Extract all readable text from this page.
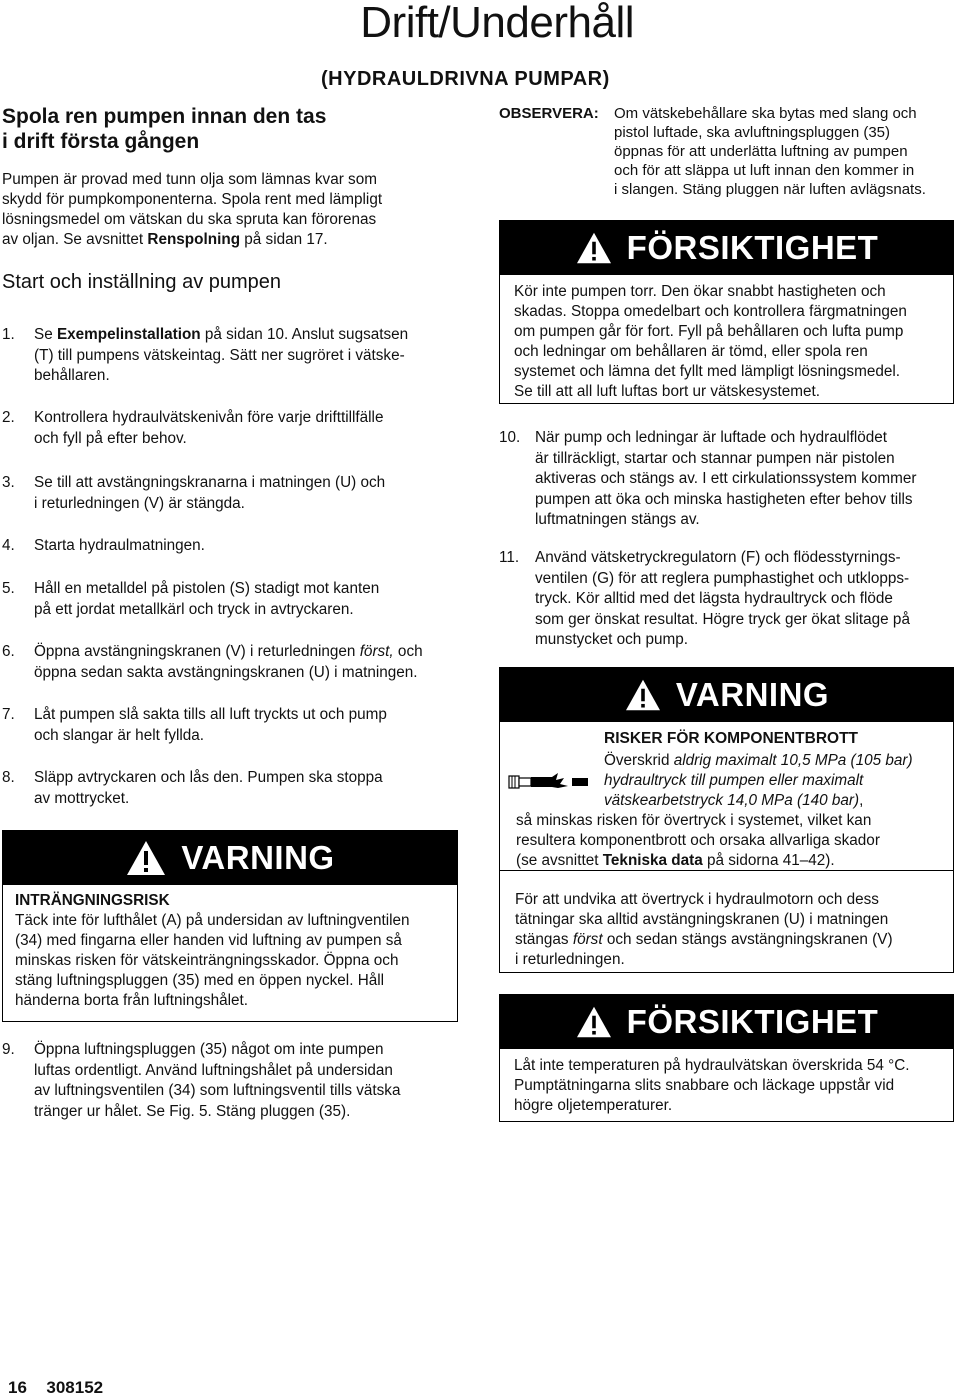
Drift/Underhåll
(HYDRAULDRIVNA PUMPAR)
Spola ren pumpen innan den tas
i drift första gången
Pumpen är provad med tunn olja som lämnas kvar som
skydd för pumpkomponenterna. Spola rent med lämpligt
lösningsmedel om vätskan du ska spruta kan förorenas
av oljan. Se avsnittet Renspolning på sidan 17.
Start och inställning av pumpen
1. Se Exempelinstallation på sidan 10. Anslut sugsatsen
(T) till pumpens vätskeintag. Sätt ner sugröret i vätske-
behållaren.
2. Kontrollera hydraulvätskenivån före varje drifttillfälle
och fyll på efter behov.
3. Se till att avstängningskranarna i matningen (U) och
i returledningen (V) är stängda.
4. Starta hydraulmatningen.
5. Håll en metalldel på pistolen (S) stadigt mot kanten
på ett jordat metallkärl och tryck in avtryckaren.
6. Öppna avstängningskranen (V) i returledningen först, och
öppna sedan sakta avstängningskranen (U) i matningen.
7. Låt pumpen slå sakta tills all luft tryckts ut och pump
och slangar är helt fyllda.
8. Släpp avtryckaren och lås den. Pumpen ska stoppa
av mottrycket.
VARNING
INTRÄNGNINGSRISK
Täck inte för lufthålet (A) på undersidan av luftningventilen
(34) med fingarna eller handen vid luftning av pumpen så
minskas risken för vätskeinträngningsskador. Öppna och
stäng luftningspluggen (35) med en öppen nyckel. Håll
händerna borta från luftningshålet.
9. Öppna luftningspluggen (35) något om inte pumpen
luftas ordentligt. Använd luftningshålet på undersidan
av luftningsventilen (34) som luftningsventil tills vätska
tränger ur hålet. Se Fig. 5. Stäng pluggen (35).
OBSERVERA: Om vätskebehållare ska bytas med slang och
pistol luftade, ska avluftningspluggen (35)
öppnas för att underlätta luftning av pumpen
och för att släppa ut luft innan den kommer in
i slangen. Stäng pluggen när luften avlägsnats.
FÖRSIKTIGHET
Kör inte pumpen torr. Den ökar snabbt hastigheten och
skadas. Stoppa omedelbart och kontrollera färgmatningen
om pumpen går för fort. Fyll på behållaren och lufta pump
och ledningar om behållaren är tömd, eller spola ren
systemet och lämna det fyllt med lämpligt lösningsmedel.
Se till att all luft luftas bort ur vätskesystemet.
10. När pump och ledningar är luftade och hydraulflödet
är tillräckligt, startar och stannar pumpen när pistolen
aktiveras och stängs av. I ett cirkulationssystem kommer
pumpen att öka och minska hastigheten efter behov tills
luftmatningen stängs av.
11. Använd vätsketryckregulatorn (F) och flödesstyrnings-
ventilen (G) för att reglera pumphastighet och utklopps-
tryck. Kör alltid med det lägsta hydraultryck och flöde
som ger önskat resultat. Högre tryck ger ökat slitage på
munstycket och pump.
VARNING
RISKER FÖR KOMPONENTBROTT
Överskrid aldrig maximalt 10,5 MPa (105 bar)
hydraultryck till pumpen eller maximalt
vätskearbetstryck 14,0 MPa (140 bar),
så minskas risken för övertryck i systemet, vilket kan
resultera komponentbrott och orsaka allvarliga skador
(se avsnittet Tekniska data på sidorna 41–42).
För att undvika att övertryck i hydraulmotorn och dess
tätningar ska alltid avstängningskranen (U) i matningen
stängas först och sedan stängs avstängningskranen (V)
i returledningen.
FÖRSIKTIGHET
Låt inte temperaturen på hydraulvätskan överskrida 54 °C.
Pumptätningarna slits snabbare och läckage uppstår vid
högre oljetemperaturer.
16 308152
